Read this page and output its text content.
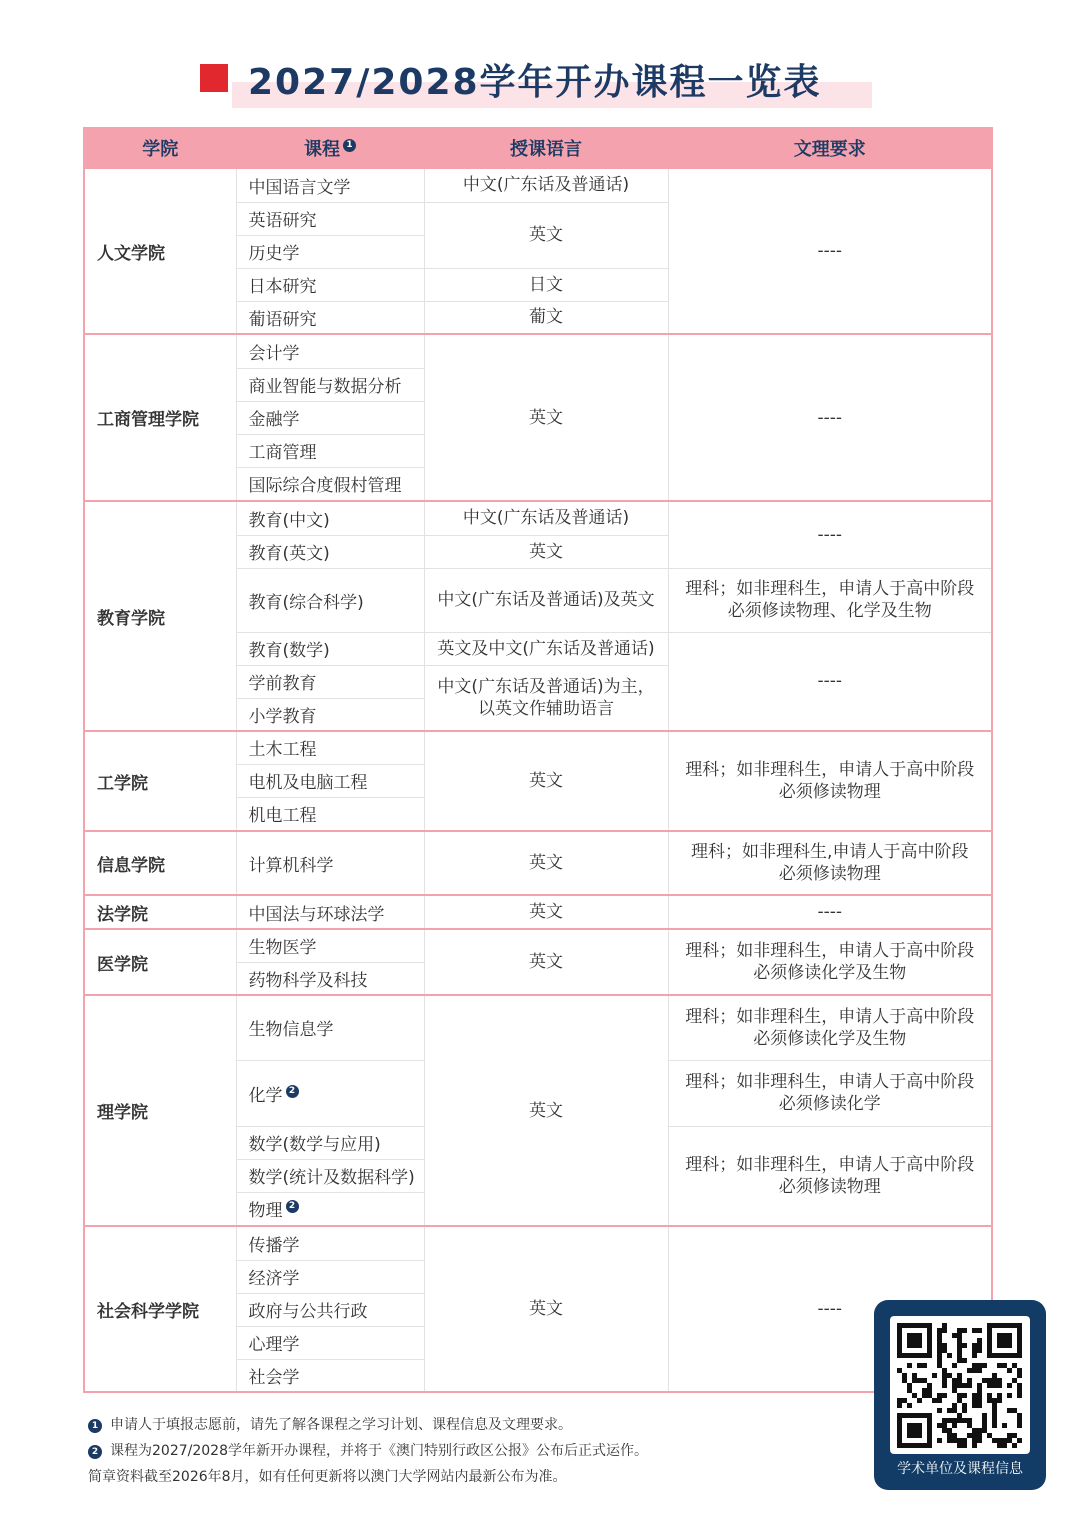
2027/2028学年开办课程一览表
学院	课程 1	授课语言	文理要求
人文学院	中国语言文学	中文(广东话及普通话)	----
	英语研究	英文	
	历史学		
	日本研究	日文	
	葡语研究	葡文	
工商管理学院	会计学	英文	----
	商业智能与数据分析		
	金融学		
	工商管理		
	国际综合度假村管理		
教育学院	教育(中文)	中文(广东话及普通话)	----
	教育(英文)	英文	
	教育(综合科学)	中文(广东话及普通话)及英文	理科；如非理科生，申请人于高中阶段
必须修读物理、化学及生物

	教育(数学)	英文及中文(广东话及普通话)	----
	学前教育	中文(广东话及普通话)为主，
以英文作辅助语言	

	小学教育		
工学院	土木工程	英文	理科；如非理科生，申请人于高中阶段
必须修读物理

	电机及电脑工程		
	机电工程		
信息学院	计算机科学	英文	理科；如非理科生,申请人于高中阶段
必须修读物理

法学院	中国法与环球法学	英文	----
医学院	生物医学	英文	理科；如非理科生，申请人于高中阶段
必须修读化学及生物

	药物科学及科技		
理学院	生物信息学	英文	理科；如非理科生，申请人于高中阶段
必须修读化学及生物

	化学 2		理科；如非理科生，申请人于高中阶段
必须修读化学

	数学(数学与应用)		理科；如非理科生，申请人于高中阶段
必须修读物理

	数学(统计及数据科学)		
	物理 2		
社会科学学院	传播学	英文	----
	经济学		
	政府与公共行政		
	心理学		
	社会学		
1 申请人于填报志愿前，请先了解各课程之学习计划、课程信息及文理要求。
2 课程为2027/2028学年新开办课程，并将于《澳门特别行政区公报》公布后正式运作。
简章资料截至2026年8月，如有任何更新将以澳门大学网站内最新公布为准。	学术单位及课程信息
